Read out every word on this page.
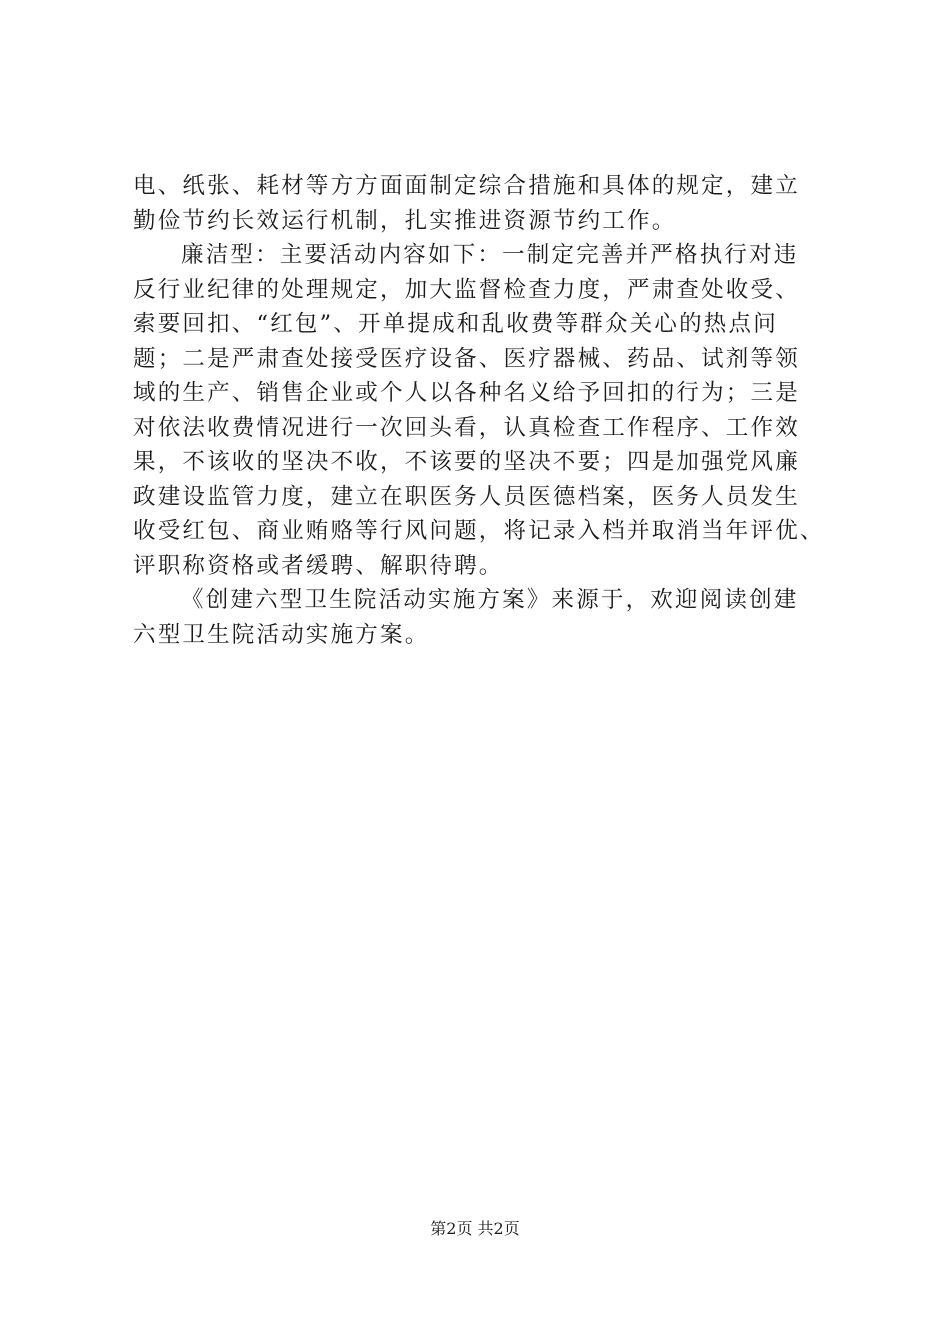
电、纸张、耗材等方方面面制定综合措施和具体的规定，建立
勤俭节约长效运行机制，扎实推进资源节约工作。
廉洁型：主要活动内容如下：一制定完善并严格执行对违
反行业纪律的处理规定，加大监督检查力度，严肃查处收受、
索要回扣、“红包”、开单提成和乱收费等群众关心的热点问
题；二是严肃查处接受医疗设备、医疗器械、药品、试剂等领
域的生产、销售企业或个人以各种名义给予回扣的行为；三是
对依法收费情况进行一次回头看，认真检查工作程序、工作效
果，不该收的坚决不收，不该要的坚决不要；四是加强党风廉
政建设监管力度，建立在职医务人员医德档案，医务人员发生
收受红包、商业贿赂等行风问题，将记录入档并取消当年评优、
评职称资格或者缓聘、解职待聘。
《创建六型卫生院活动实施方案》来源于，欢迎阅读创建
六型卫生院活动实施方案。
第2页 共2页
